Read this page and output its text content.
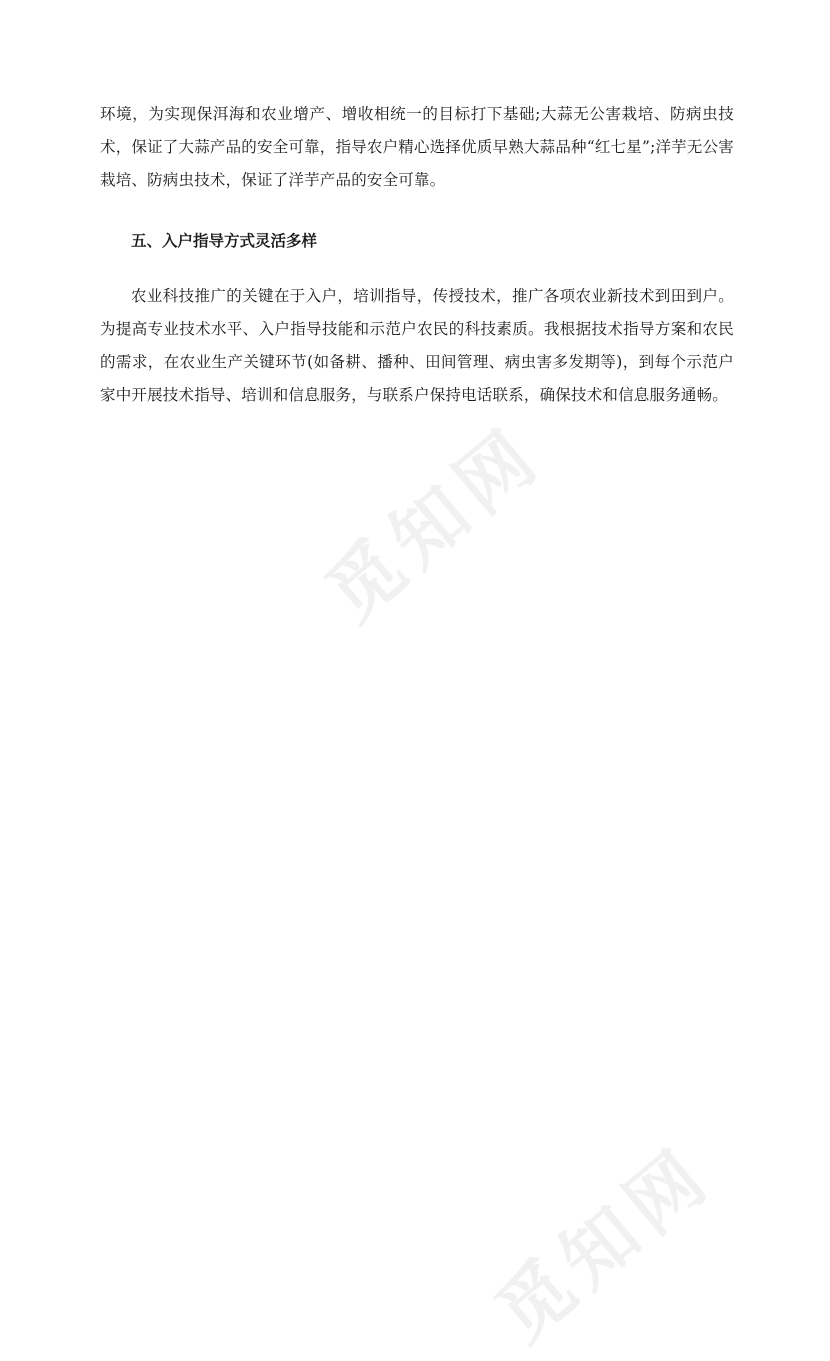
觅知网
觅知网

环境，为实现保洱海和农业增产、增收相统一的目标打下基础;大蒜无公害栽培、防病虫技术，保证了大蒜产品的安全可靠，指导农户精心选择优质早熟大蒜品种“红七星”;洋芋无公害栽培、防病虫技术，保证了洋芋产品的安全可靠。

五、入户指导方式灵活多样

农业科技推广的关键在于入户，培训指导，传授技术，推广各项农业新技术到田到户。为提高专业技术水平、入户指导技能和示范户农民的科技素质。我根据技术指导方案和农民的需求，在农业生产关键环节(如备耕、播种、田间管理、病虫害多发期等)，到每个示范户家中开展技术指导、培训和信息服务，与联系户保持电话联系，确保技术和信息服务通畅。
